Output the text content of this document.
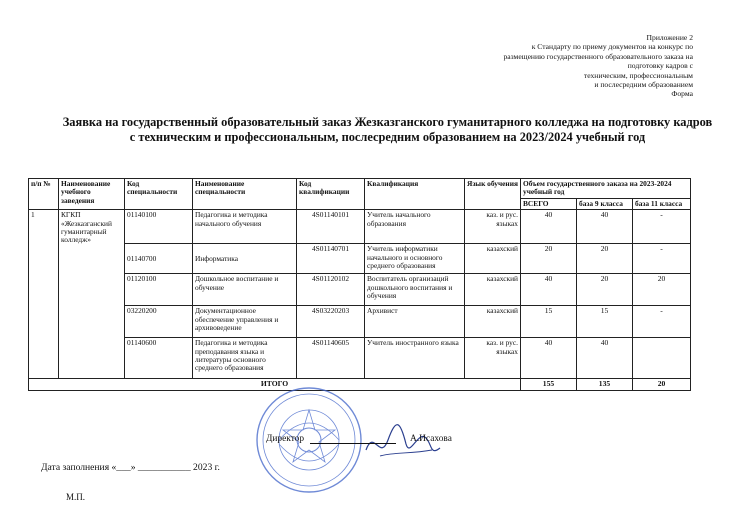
Приложение 2
к Стандарту по приему документов на конкурс по
размещению государственного образовательного заказа на
подготовку кадров с
техническим, профессиональным
и послесредним образованием
Форма
Заявка на государственный образовательный заказ Жезказганского гуманитарного колледжа на подготовку кадров
с техническим и профессиональным, послесредним образованием на 2023/2024 учебный год
п/п №	Наименование учебного заведения	Код специальности	Наименование специальности	Код квалификации	Квалификация	Язык обучения	Объем государственного заказа на 2023-2024 учебный год		
							ВСЕГО	база 9 класса	база 11 класса
1	КГКП «Жезказганский гуманитарный колледж»	01140100	Педагогика и методика начального обучения	4S01140101	Учитель начального образования	каз. и рус. языках	40	40	-
		01140700	Информатика	4S01140701	Учитель информатики начального и основного среднего образования	казахский	20	20	-
		01120100	Дошкольное воспитание и обучение	4S01120102	Воспитатель организаций дошкольного воспитания и обучения	казахский	40	20	20
		03220200	Документационное обеспечение управления и архивоведение	4S03220203	Архивист	казахский	15	15	-
		01140600	Педагогика и методика преподавания языка и литературы основного среднего образования	4S01140605	Учитель иностранного языка	каз. и рус. языках	40	40	
ИТОГО							155	135	20
Директор	А.Исахова
Дата заполнения «___» ___________ 2023 г.
М.П.
